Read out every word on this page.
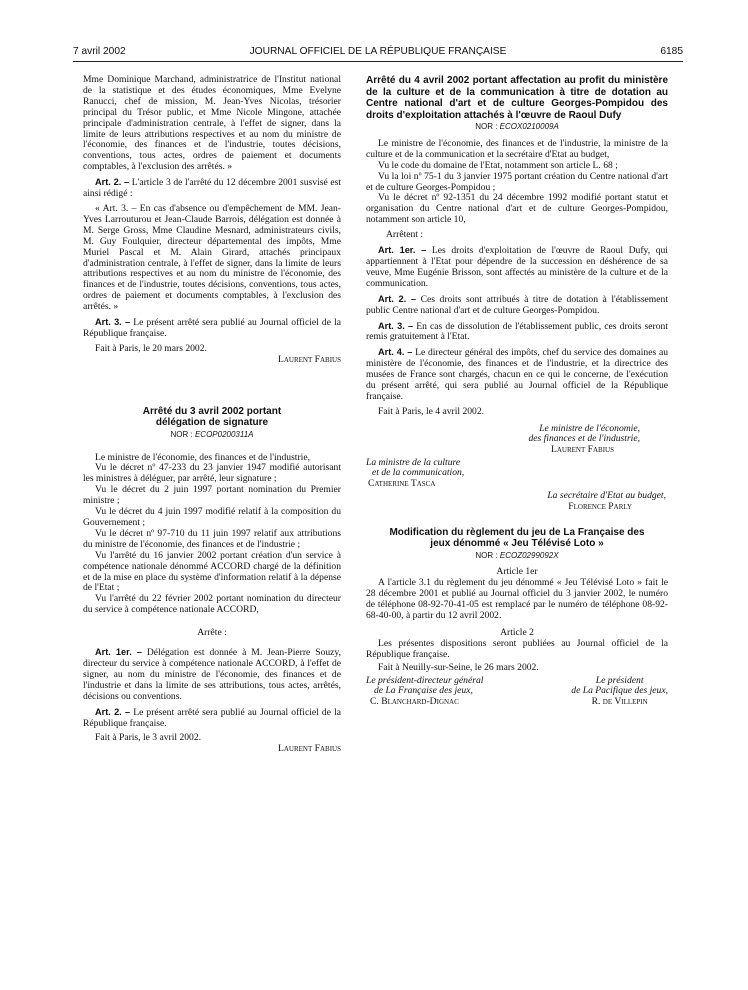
7 avril 2002	JOURNAL OFFICIEL DE LA RÉPUBLIQUE FRANÇAISE	6185

Mme Dominique Marchand, administratrice de l'Institut national de la statistique et des études économiques, Mme Evelyne Ranucci, chef de mission, M. Jean-Yves Nicolas, trésorier principal du Trésor public, et Mme Nicole Mingone, attachée principale d'administration centrale, à l'effet de signer, dans la limite de leurs attributions respectives et au nom du ministre de l'économie, des finances et de l'industrie, toutes décisions, conventions, tous actes, ordres de paiement et documents comptables, à l'exclusion des arrêtés. »

Art. 2. – L'article 3 de l'arrêté du 12 décembre 2001 susvisé est ainsi rédigé :

« Art. 3. – En cas d'absence ou d'empêchement de MM. Jean-Yves Larrouturou et Jean-Claude Barrois, délégation est donnée à M. Serge Gross, Mme Claudine Mesnard, administrateurs civils, M. Guy Foulquier, directeur départemental des impôts, Mme Muriel Pascal et M. Alain Girard, attachés principaux d'administration centrale, à l'effet de signer, dans la limite de leurs attributions respectives et au nom du ministre de l'économie, des finances et de l'industrie, toutes décisions, conventions, tous actes, ordres de paiement et documents comptables, à l'exclusion des arrêtés. »

Art. 3. – Le présent arrêté sera publié au Journal officiel de la République française.

Fait à Paris, le 20 mars 2002.

Laurent Fabius

Arrêté du 3 avril 2002 portant délégation de signature

NOR : ECOP0200311A

Le ministre de l'économie, des finances et de l'industrie,

Vu le décret nº 47-233 du 23 janvier 1947 modifié autorisant les ministres à déléguer, par arrêté, leur signature ;

Vu le décret du 2 juin 1997 portant nomination du Premier ministre ;

Vu le décret du 4 juin 1997 modifié relatif à la composition du Gouvernement ;

Vu le décret nº 97-710 du 11 juin 1997 relatif aux attributions du ministre de l'économie, des finances et de l'industrie ;

Vu l'arrêté du 16 janvier 2002 portant création d'un service à compétence nationale dénommé ACCORD chargé de la définition et de la mise en place du système d'information relatif à la dépense de l'Etat ;

Vu l'arrêté du 22 février 2002 portant nomination du directeur du service à compétence nationale ACCORD,

Arrête :

Art. 1er. – Délégation est donnée à M. Jean-Pierre Souzy, directeur du service à compétence nationale ACCORD, à l'effet de signer, au nom du ministre de l'économie, des finances et de l'industrie et dans la limite de ses attributions, tous actes, arrêtés, décisions ou conventions.

Art. 2. – Le présent arrêté sera publié au Journal officiel de la République française.

Fait à Paris, le 3 avril 2002.

Laurent Fabius

Arrêté du 4 avril 2002 portant affectation au profit du ministère de la culture et de la communication à titre de dotation au Centre national d'art et de culture Georges-Pompidou des droits d'exploitation attachés à l'œuvre de Raoul Dufy

NOR : ECOX0210009A

Le ministre de l'économie, des finances et de l'industrie, la ministre de la culture et de la communication et la secrétaire d'Etat au budget,

Vu le code du domaine de l'Etat, notamment son article L. 68 ;

Vu la loi nº 75-1 du 3 janvier 1975 portant création du Centre national d'art et de culture Georges-Pompidou ;

Vu le décret nº 92-1351 du 24 décembre 1992 modifié portant statut et organisation du Centre national d'art et de culture Georges-Pompidou, notamment son article 10,

Arrêtent :

Art. 1er. – Les droits d'exploitation de l'œuvre de Raoul Dufy, qui appartiennent à l'Etat pour dépendre de la succession en déshérence de sa veuve, Mme Eugénie Brisson, sont affectés au ministère de la culture et de la communication.

Art. 2. – Ces droits sont attribués à titre de dotation à l'établissement public Centre national d'art et de culture Georges-Pompidou.

Art. 3. – En cas de dissolution de l'établissement public, ces droits seront remis gratuitement à l'Etat.

Art. 4. – Le directeur général des impôts, chef du service des domaines au ministère de l'économie, des finances et de l'industrie, et la directrice des musées de France sont chargés, chacun en ce qui le concerne, de l'exécution du présent arrêté, qui sera publié au Journal officiel de la République française.

Fait à Paris, le 4 avril 2002.

Le ministre de l'économie,
des finances et de l'industrie,
Laurent Fabius
La ministre de la culture
et de la communication,
Catherine Tasca
La secrétaire d'Etat au budget,
Florence Parly

Modification du règlement du jeu de La Française des jeux dénommé « Jeu Télévisé Loto »

NOR : ECOZ0299092X

Article 1er

A l'article 3.1 du règlement du jeu dénommé « Jeu Télévisé Loto » fait le 28 décembre 2001 et publié au Journal officiel du 3 janvier 2002, le numéro de téléphone 08-92-70-41-05 est remplacé par le numéro de téléphone 08-92-68-40-00, à partir du 12 avril 2002.

Article 2

Les présentes dispositions seront publiées au Journal officiel de la République française.

Fait à Neuilly-sur-Seine, le 26 mars 2002.

Le président-directeur général
de La Française des jeux,
C. Blanchard-Dignac
Le président
de La Pacifique des jeux,
R. de Villepin
